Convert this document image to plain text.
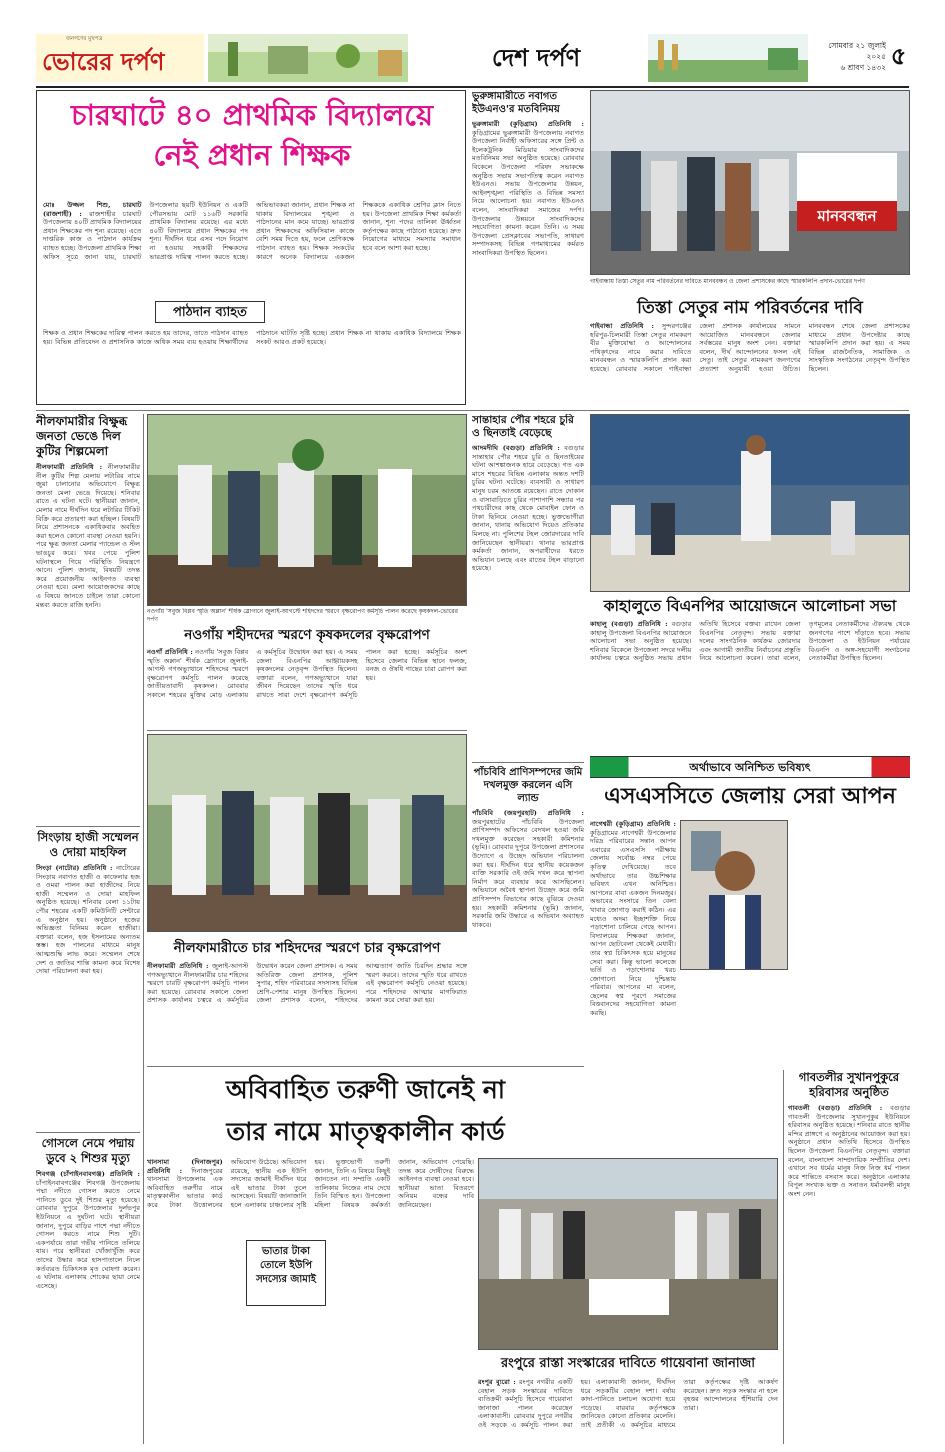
জনগণের মুখপত্র
ভোরের দর্পণ	দেশ দর্পণ	সোমবার ২১ জুলাই ২০২৫
৬ শ্রাবণ ১৪৩২ ৫
চারঘাটে ৪০ প্রাথমিক বিদ্যালয়ে
নেই প্রধান শিক্ষক
মোঃ উজ্জল শিশু, চারঘাট (রাজশাহী) : রাজশাহীর চারঘাট উপজেলায় ৪০টি প্রাথমিক বিদ্যালয়ের প্রধান শিক্ষকের পদ শূন্য রয়েছে। এতে দাপ্তরিক কাজ ও পাঠদান কার্যক্রম ব্যাহত হচ্ছে। উপজেলা প্রাথমিক শিক্ষা অফিস সূত্রে জানা যায়, চারঘাট উপজেলার ছয়টি ইউনিয়ন ও একটি পৌরসভায় মোট ১১৬টি সরকারি প্রাথমিক বিদ্যালয় রয়েছে। এর মধ্যে ৪০টি বিদ্যালয়ে প্রধান শিক্ষকের পদ শূন্য। দীর্ঘদিন ধরে এসব পদে নিয়োগ না হওয়ায় সহকারী শিক্ষকদের ভারপ্রাপ্ত দায়িত্ব পালন করতে হচ্ছে। অভিভাবকরা জানান, প্রধান শিক্ষক না থাকায় বিদ্যালয়ের শৃঙ্খলা ও পাঠদানের মান কমে যাচ্ছে। ভারপ্রাপ্ত প্রধান শিক্ষকদের অফিসিয়াল কাজে বেশি সময় দিতে হয়, ফলে শ্রেণিকক্ষে পাঠদান ব্যাহত হয়। শিক্ষক সংকটের কারণে অনেক বিদ্যালয়ে একজন শিক্ষককে একাধিক শ্রেণির ক্লাস নিতে হয়। উপজেলা প্রাথমিক শিক্ষা কর্মকর্তা জানান, শূন্য পদের তালিকা ঊর্ধ্বতন কর্তৃপক্ষের কাছে পাঠানো হয়েছে। দ্রুত নিয়োগের মাধ্যমে সমস্যার সমাধান হবে বলে আশা করা হচ্ছে।
পাঠদান ব্যাহত
শিক্ষক ও প্রধান শিক্ষকের দায়িত্ব পালন করতে হয় তাদের, তাতে পাঠদান ব্যাহত হয়। বিভিন্ন প্রতিবেদন ও প্রশাসনিক কাজে অধিক সময় ব্যয় হওয়ায় শিক্ষার্থীদের পাঠদানে ঘাটতি সৃষ্টি হচ্ছে। প্রধান শিক্ষক না থাকায় একাধিক বিদ্যালয়ে শিক্ষক সংকট আরও প্রকট হয়েছে।
ভুরুঙ্গামারীতে নবাগত ইউএনও'র মতবিনিময়
ভুরুঙ্গামারী (কুড়িগ্রাম) প্রতিনিধি : কুড়িগ্রামের ভুরুঙ্গামারী উপজেলায় নবাগত উপজেলা নির্বাহী অফিসারের সঙ্গে প্রিন্ট ও ইলেকট্রনিক মিডিয়ার সাংবাদিকদের মতবিনিময় সভা অনুষ্ঠিত হয়েছে। রোববার বিকেলে উপজেলা পরিষদ সভাকক্ষে অনুষ্ঠিত সভায় সভাপতিত্ব করেন নবাগত ইউএনও। সভায় উপজেলার উন্নয়ন, আইনশৃঙ্খলা পরিস্থিতি ও বিভিন্ন সমস্যা নিয়ে আলোচনা হয়। নবাগত ইউএনও বলেন, সাংবাদিকরা সমাজের দর্পণ। উপজেলার উন্নয়নে সাংবাদিকদের সহযোগিতা কামনা করেন তিনি। এ সময় উপজেলা প্রেসক্লাবের সভাপতি, সাধারণ সম্পাদকসহ বিভিন্ন গণমাধ্যমের কর্মরত সাংবাদিকরা উপস্থিত ছিলেন।
মানববন্ধন
গাইবান্ধায় তিস্তা সেতুর নাম পরিবর্তনের দাবিতে মানববন্ধন ও জেলা প্রশাসকের কাছে স্মারকলিপি প্রদান-ভোরের দর্পণ
তিস্তা সেতুর নাম পরিবর্তনের দাবি
গাইবান্ধা প্রতিনিধি : সুন্দরগঞ্জের হরিপুর-চিলমারী তিস্তা সেতুর নামকরণ বীর মুক্তিযোদ্ধা ও আন্দোলনের পথিকৃৎদের নামে করার দাবিতে মানববন্ধন ও স্মারকলিপি প্রদান করা হয়েছে। রোববার সকালে গাইবান্ধা জেলা প্রশাসক কার্যালয়ের সামনে আয়োজিত মানববন্ধনে জেলার সর্বস্তরের মানুষ অংশ নেন। বক্তারা বলেন, দীর্ঘ আন্দোলনের ফসল এই সেতু। তাই সেতুর নামকরণ জনগণের প্রত্যাশা অনুযায়ী হওয়া উচিত। মানববন্ধন শেষে জেলা প্রশাসকের মাধ্যমে প্রধান উপদেষ্টার কাছে স্মারকলিপি প্রদান করা হয়। এ সময় বিভিন্ন রাজনৈতিক, সামাজিক ও সাংস্কৃতিক সংগঠনের নেতৃবৃন্দ উপস্থিত ছিলেন।
নীলফামারীর বিক্ষুব্ধ জনতা ভেঙে দিল কুটির শিল্পমেলা
নীলফামারী প্রতিনিধি : নীলফামারীর নীল কুটির শিল্প মেলায় লটারির নামে জুয়া চালানোর অভিযোগে বিক্ষুব্ধ জনতা মেলা ভেঙে দিয়েছে। শনিবার রাতে এ ঘটনা ঘটে। স্থানীয়রা জানান, মেলার নামে দীর্ঘদিন ধরে লটারির টিকিট বিক্রি করে প্রতারণা করা হচ্ছিল। বিষয়টি নিয়ে প্রশাসনকে একাধিকবার অবহিত করা হলেও কোনো ব্যবস্থা নেওয়া হয়নি। পরে ক্ষুব্ধ জনতা মেলার প্যান্ডেল ও স্টল ভাঙচুর করে। খবর পেয়ে পুলিশ ঘটনাস্থলে গিয়ে পরিস্থিতি নিয়ন্ত্রণে আনে। পুলিশ জানায়, বিষয়টি তদন্ত করে প্রয়োজনীয় আইনগত ব্যবস্থা নেওয়া হবে। মেলা আয়োজকদের কাছে এ বিষয়ে জানতে চাইলে তারা কোনো মন্তব্য করতে রাজি হননি।
নওগাঁয় 'সবুজ বিপ্লব স্মৃতি অম্লান' শীর্ষক স্লোগানে জুলাই-আগস্টে শহিদদের স্মরণে বৃক্ষরোপণ কর্মসূচি পালন করেছে কৃষকদল-ভোরের দর্পণ
নওগাঁয় শহীদদের স্মরণে কৃষকদলের বৃক্ষরোপণ
নওগাঁ প্রতিনিধি : নওগাঁয় 'সবুজ বিপ্লব স্মৃতি অম্লান' শীর্ষক স্লোগানে জুলাই-আগস্ট গণঅভ্যুত্থানে শহিদদের স্মরণে বৃক্ষরোপণ কর্মসূচি পালন করেছে জাতীয়তাবাদী কৃষকদল। রোববার সকালে শহরের মুক্তির মোড় এলাকায় এ কর্মসূচির উদ্বোধন করা হয়। এ সময় জেলা বিএনপির আহ্বায়কসহ কৃষকদলের নেতৃবৃন্দ উপস্থিত ছিলেন। বক্তারা বলেন, গণঅভ্যুত্থানে যারা জীবন দিয়েছেন তাদের স্মৃতি ধরে রাখতে সারা দেশে বৃক্ষরোপণ কর্মসূচি পালন করা হচ্ছে। কর্মসূচির অংশ হিসেবে জেলার বিভিন্ন স্থানে ফলজ, বনজ ও ঔষধি গাছের চারা রোপণ করা হয়।
সান্তাহার পৌর শহরে চুরি ও ছিনতাই বেড়েছে
আদমদীঘি (বগুড়া) প্রতিনিধি : বগুড়ার সান্তাহার পৌর শহরে চুরি ও ছিনতাইয়ের ঘটনা আশঙ্কাজনক হারে বেড়েছে। গত এক মাসে শহরের বিভিন্ন এলাকায় অন্তত দশটি চুরির ঘটনা ঘটেছে। ব্যবসায়ী ও সাধারণ মানুষ চরম আতঙ্কে রয়েছেন। রাতে দোকান ও বাসাবাড়িতে চুরির পাশাপাশি সন্ধ্যার পর পথচারীদের কাছ থেকে মোবাইল ফোন ও টাকা ছিনিয়ে নেওয়া হচ্ছে। ভুক্তভোগীরা জানান, থানায় অভিযোগ দিয়েও প্রতিকার মিলছে না। পুলিশের টহল জোরদারের দাবি জানিয়েছেন স্থানীয়রা। থানার ভারপ্রাপ্ত কর্মকর্তা জানান, অপরাধীদের ধরতে অভিযান চলছে এবং রাতের টহল বাড়ানো হয়েছে।
কাহালুতে বিএনপির আয়োজনে আলোচনা সভা
কাহালু (বগুড়া) প্রতিনিধি : বগুড়ার কাহালু উপজেলা বিএনপির আয়োজনে আলোচনা সভা অনুষ্ঠিত হয়েছে। শনিবার বিকেলে উপজেলা সদরে দলীয় কার্যালয় চত্বরে অনুষ্ঠিত সভায় প্রধান অতিথি হিসেবে বক্তব্য রাখেন জেলা বিএনপির নেতৃবৃন্দ। সভায় বক্তারা দলের সাংগঠনিক কার্যক্রম জোরদার এবং আগামী জাতীয় নির্বাচনের প্রস্তুতি নিয়ে আলোচনা করেন। তারা বলেন, তৃণমূলের নেতাকর্মীদের ঐক্যবদ্ধ থেকে জনগণের পাশে দাঁড়াতে হবে। সভায় উপজেলা ও ইউনিয়ন পর্যায়ের বিএনপি ও অঙ্গ-সহযোগী সংগঠনের নেতাকর্মীরা উপস্থিত ছিলেন।
সিংড়ায় হাজী সম্মেলন ও দোয়া মাহফিল
সিংড়া (নাটোর) প্রতিনিধি : নাটোরের সিংড়ায় নবাগত হাজী ও কাফেলার হজ ও ওমরা পালন করা হাজীদের নিয়ে হাজী সম্মেলন ও দোয়া মাহফিল অনুষ্ঠিত হয়েছে। শনিবার বেলা ১১টায় পৌর শহরের একটি কমিউনিটি সেন্টারে এ অনুষ্ঠান হয়। অনুষ্ঠানে হজের অভিজ্ঞতা বিনিময় করেন হাজীরা। বক্তারা বলেন, হজ ইসলামের অন্যতম স্তম্ভ। হজ পালনের মাধ্যমে মানুষ আত্মশুদ্ধি লাভ করে। সম্মেলন শেষে দেশ ও জাতির শান্তি কামনা করে বিশেষ দোয়া পরিচালনা করা হয়।
নীলফামারীতে চার শহিদদের স্মরণে চার বৃক্ষরোপণ
নীলফামারী প্রতিনিধি : জুলাই-আগস্ট গণঅভ্যুত্থানে নীলফামারীর চার শহিদের স্মরণে চারটি বৃক্ষরোপণ কর্মসূচি পালন করা হয়েছে। রোববার সকালে জেলা প্রশাসক কার্যালয় চত্বরে এ কর্মসূচির উদ্বোধন করেন জেলা প্রশাসক। এ সময় অতিরিক্ত জেলা প্রশাসক, পুলিশ সুপার, শহিদ পরিবারের সদস্যসহ বিভিন্ন শ্রেণি-পেশার মানুষ উপস্থিত ছিলেন। জেলা প্রশাসক বলেন, শহিদদের আত্মত্যাগ জাতি চিরদিন শ্রদ্ধার সঙ্গে স্মরণ করবে। তাদের স্মৃতি ধরে রাখতে এই বৃক্ষরোপণ কর্মসূচি নেওয়া হয়েছে। পরে শহিদদের আত্মার মাগফিরাত কামনা করে দোয়া করা হয়।
পাঁচবিবি প্রাণিসম্পদের জমি দখলমুক্ত করলেন এসি ল্যান্ড
পাঁচবিবি (জয়পুরহাট) প্রতিনিধি : জয়পুরহাটের পাঁচবিবি উপজেলা প্রাণিসম্পদ অফিসের বেদখল হওয়া জমি দখলমুক্ত করেছেন সহকারী কমিশনার (ভূমি)। রোববার দুপুরে উপজেলা প্রশাসনের উদ্যোগে এ উচ্ছেদ অভিযান পরিচালনা করা হয়। দীর্ঘদিন ধরে স্থানীয় কয়েকজন ব্যক্তি সরকারি ওই জমি দখল করে স্থাপনা নির্মাণ করে ব্যবহার করে আসছিলেন। অভিযানে অবৈধ স্থাপনা উচ্ছেদ করে জমি প্রাণিসম্পদ বিভাগের কাছে বুঝিয়ে দেওয়া হয়। সহকারী কমিশনার (ভূমি) জানান, সরকারি জমি উদ্ধারে এ অভিযান অব্যাহত থাকবে।
অর্থাভাবে অনিশ্চিত ভবিষ্যৎ
এসএসসিতে জেলায় সেরা আপন
নাগেশ্বরী (কুড়িগ্রাম) প্রতিনিধি : কুড়িগ্রামের নাগেশ্বরী উপজেলার দরিদ্র পরিবারের সন্তান আপন এবারের এসএসসি পরীক্ষায় জেলায় সর্বোচ্চ নম্বর পেয়ে কৃতিত্ব দেখিয়েছে। তবে অর্থাভাবে তার উচ্চশিক্ষার ভবিষ্যৎ এখন অনিশ্চিত। আপনের বাবা একজন দিনমজুর। অভাবের সংসারে তিন বেলা খাবার জোগাড় করাই কঠিন। এর মধ্যেও অদম্য ইচ্ছাশক্তি নিয়ে পড়াশোনা চালিয়ে গেছে আপন। বিদ্যালয়ের শিক্ষকরা জানান, আপন ছোটবেলা থেকেই মেধাবী। তার স্বপ্ন চিকিৎসক হয়ে মানুষের সেবা করা। কিন্তু ভালো কলেজে ভর্তি ও পড়াশোনার খরচ জোগানো নিয়ে দুশ্চিন্তায় পরিবার। আপনের মা বলেন, ছেলের স্বপ্ন পূরণে সমাজের বিত্তবানদের সহযোগিতা কামনা করছি।
অবিবাহিত তরুণী জানেই না
তার নামে মাতৃত্বকালীন কার্ড
খানসামা (দিনাজপুর) প্রতিনিধি : দিনাজপুরের খানসামা উপজেলায় এক অবিবাহিত তরুণীর নামে মাতৃত্বকালীন ভাতার কার্ড করে টাকা উত্তোলনের অভিযোগ উঠেছে। অভিযোগ রয়েছে, স্থানীয় এক ইউপি সদস্যের জামাই দীর্ঘদিন ধরে এই ভাতার টাকা তুলে আসছেন। বিষয়টি জানাজানি হলে এলাকায় চাঞ্চল্যের সৃষ্টি হয়। ভুক্তভোগী তরুণী জানান, তিনি এ বিষয়ে কিছুই জানতেন না। সম্প্রতি একটি তালিকায় নিজের নাম দেখে তিনি বিস্মিত হন। উপজেলা মহিলা বিষয়ক কর্মকর্তা জানান, অভিযোগ পেয়েছি। তদন্ত করে দোষীদের বিরুদ্ধে আইনগত ব্যবস্থা নেওয়া হবে। স্থানীয়রা ভাতা বিতরণে অনিয়ম বন্ধের দাবি জানিয়েছেন।
ভাতার টাকা তোলে ইউপি সদস্যের জামাই
রংপুরে রাস্তা সংস্কারের দাবিতে গায়েবানা জানাজা
রংপুর ব্যুরো : রংপুর নগরীর একটি বেহাল সড়ক সংস্কারের দাবিতে ব্যতিক্রমী কর্মসূচি হিসেবে গায়েবানা জানাজা পালন করেছেন এলাকাবাসী। রোববার দুপুরে নগরীর ওই সড়কে এ কর্মসূচি পালন করা হয়। এলাকাবাসী জানান, দীর্ঘদিন ধরে সড়কটির বেহাল দশা। বর্ষায় কাদা-পানিতে চলাচল অযোগ্য হয়ে পড়েছে। বারবার কর্তৃপক্ষকে জানিয়েও কোনো প্রতিকার মেলেনি। তাই প্রতীকী এ কর্মসূচির মাধ্যমে তারা কর্তৃপক্ষের দৃষ্টি আকর্ষণ করেছেন। দ্রুত সড়ক সংস্কার না হলে বৃহত্তর আন্দোলনের হুঁশিয়ারি দেন তারা।
গোসলে নেমে পদ্মায় ডুবে ২ শিশুর মৃত্যু
শিবগঞ্জ (চাঁপাইনবাবগঞ্জ) প্রতিনিধি : চাঁপাইনবাবগঞ্জের শিবগঞ্জ উপজেলায় পদ্মা নদীতে গোসল করতে নেমে পানিতে ডুবে দুই শিশুর মৃত্যু হয়েছে। রোববার দুপুরে উপজেলার দুর্লভপুর ইউনিয়নে এ দুর্ঘটনা ঘটে। স্থানীয়রা জানান, দুপুরে বাড়ির পাশে পদ্মা নদীতে গোসল করতে নামে শিশু দুটি। একপর্যায়ে তারা গভীর পানিতে তলিয়ে যায়। পরে স্থানীয়রা খোঁজাখুঁজি করে তাদের উদ্ধার করে হাসপাতালে নিলে কর্তব্যরত চিকিৎসক মৃত ঘোষণা করেন। এ ঘটনায় এলাকায় শোকের ছায়া নেমে এসেছে।
গাবতলীর সুখানপুকুরে হরিবাসর অনুষ্ঠিত
গাবতলী (বগুড়া) প্রতিনিধি : বগুড়ার গাবতলী উপজেলার সুখানপুকুর ইউনিয়নে হরিবাসর অনুষ্ঠিত হয়েছে। শনিবার রাতে স্থানীয় মন্দির প্রাঙ্গণে এ অনুষ্ঠানের আয়োজন করা হয়। অনুষ্ঠানে প্রধান অতিথি হিসেবে উপস্থিত ছিলেন উপজেলা বিএনপির নেতৃবৃন্দ। বক্তারা বলেন, বাংলাদেশ সাম্প্রদায়িক সম্প্রীতির দেশ। এখানে সব ধর্মের মানুষ নিজ নিজ ধর্ম পালন করে শান্তিতে বসবাস করে। অনুষ্ঠানে এলাকার বিপুল সংখ্যক ভক্ত ও সনাতন ধর্মাবলম্বী মানুষ অংশ নেন।
